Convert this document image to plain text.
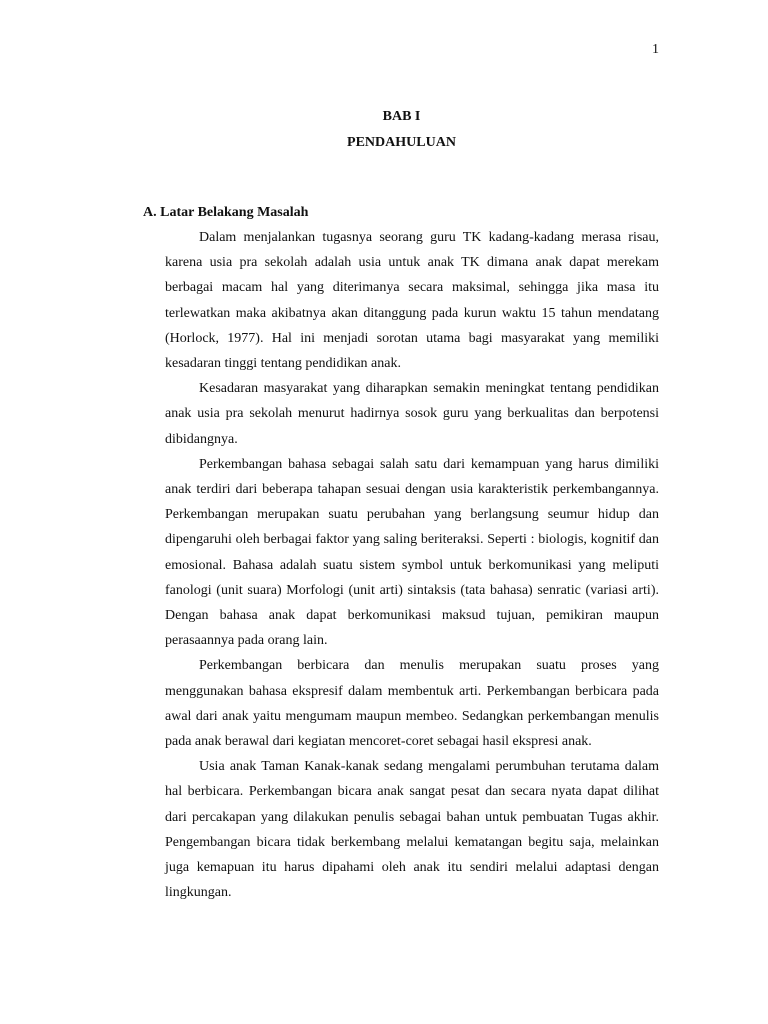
1
BAB I
PENDAHULUAN
A. Latar Belakang Masalah

Dalam menjalankan tugasnya seorang guru TK kadang-kadang merasa risau, karena usia pra sekolah adalah usia untuk anak TK dimana anak dapat merekam berbagai macam hal yang diterimanya secara maksimal, sehingga jika masa itu terlewatkan maka akibatnya akan ditanggung pada kurun waktu 15 tahun mendatang (Horlock, 1977). Hal ini menjadi sorotan utama bagi masyarakat yang memiliki kesadaran tinggi tentang pendidikan anak.

Kesadaran masyarakat yang diharapkan semakin meningkat tentang pendidikan anak usia pra sekolah menurut hadirnya sosok guru yang berkualitas dan berpotensi dibidangnya.

Perkembangan bahasa sebagai salah satu dari kemampuan yang harus dimiliki anak terdiri dari beberapa tahapan sesuai dengan usia karakteristik perkembangannya. Perkembangan merupakan suatu perubahan yang berlangsung seumur hidup dan dipengaruhi oleh berbagai faktor yang saling beriteraksi. Seperti : biologis, kognitif dan emosional. Bahasa adalah suatu sistem symbol untuk berkomunikasi yang meliputi fanologi (unit suara) Morfologi (unit arti) sintaksis (tata bahasa) senratic (variasi arti). Dengan bahasa anak dapat berkomunikasi maksud tujuan, pemikiran maupun perasaannya pada orang lain.

Perkembangan berbicara dan menulis merupakan suatu proses yang menggunakan bahasa ekspresif dalam membentuk arti. Perkembangan berbicara pada awal dari anak yaitu mengumam maupun membeo. Sedangkan perkembangan menulis pada anak berawal dari kegiatan mencoret-coret sebagai hasil ekspresi anak.

Usia anak Taman Kanak-kanak sedang mengalami perumbuhan terutama dalam hal berbicara. Perkembangan bicara anak sangat pesat dan secara nyata dapat dilihat dari percakapan yang dilakukan penulis sebagai bahan untuk pembuatan Tugas akhir. Pengembangan bicara tidak berkembang melalui kematangan begitu saja, melainkan juga kemapuan itu harus dipahami oleh anak itu sendiri melalui adaptasi dengan lingkungan.
